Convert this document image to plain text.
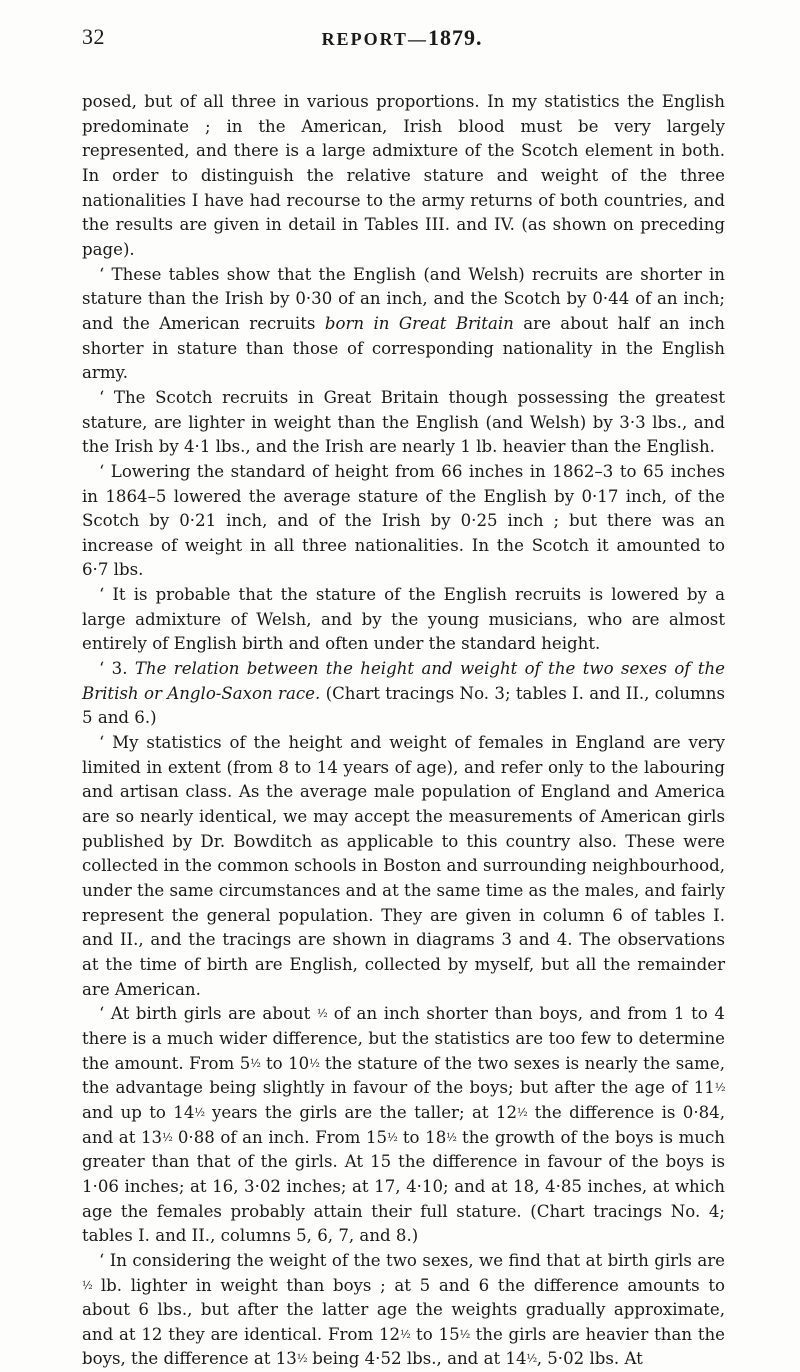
32	REPORT—1879.

posed, but of all three in various proportions. In my statistics the English predominate ; in the American, Irish blood must be very largely represented, and there is a large admixture of the Scotch element in both. In order to distinguish the relative stature and weight of the three nationalities I have had recourse to the army returns of both countries, and the results are given in detail in Tables III. and IV. (as shown on preceding page).

‘ These tables show that the English (and Welsh) recruits are shorter in stature than the Irish by 0·30 of an inch, and the Scotch by 0·44 of an inch; and the American recruits born in Great Britain are about half an inch shorter in stature than those of corresponding nationality in the English army.

‘ The Scotch recruits in Great Britain though possessing the greatest stature, are lighter in weight than the English (and Welsh) by 3·3 lbs., and the Irish by 4·1 lbs., and the Irish are nearly 1 lb. heavier than the English.

‘ Lowering the standard of height from 66 inches in 1862–3 to 65 inches in 1864–5 lowered the average stature of the English by 0·17 inch, of the Scotch by 0·21 inch, and of the Irish by 0·25 inch ; but there was an increase of weight in all three nationalities. In the Scotch it amounted to 6·7 lbs.

‘ It is probable that the stature of the English recruits is lowered by a large admixture of Welsh, and by the young musicians, who are almost entirely of English birth and often under the standard height.

‘ 3. The relation between the height and weight of the two sexes of the British or Anglo-Saxon race. (Chart tracings No. 3; tables I. and II., columns 5 and 6.)

‘ My statistics of the height and weight of females in England are very limited in extent (from 8 to 14 years of age), and refer only to the labouring and artisan class. As the average male population of England and America are so nearly identical, we may accept the measurements of American girls published by Dr. Bowditch as applicable to this country also. These were collected in the common schools in Boston and surrounding neighbourhood, under the same circumstances and at the same time as the males, and fairly represent the general population. They are given in column 6 of tables I. and II., and the tracings are shown in diagrams 3 and 4. The observations at the time of birth are English, collected by myself, but all the remainder are American.

‘ At birth girls are about ½ of an inch shorter than boys, and from 1 to 4 there is a much wider difference, but the statistics are too few to determine the amount. From 5½ to 10½ the stature of the two sexes is nearly the same, the advantage being slightly in favour of the boys; but after the age of 11½ and up to 14½ years the girls are the taller; at 12½ the difference is 0·84, and at 13½ 0·88 of an inch. From 15½ to 18½ the growth of the boys is much greater than that of the girls. At 15 the difference in favour of the boys is 1·06 inches; at 16, 3·02 inches; at 17, 4·10; and at 18, 4·85 inches, at which age the females probably attain their full stature. (Chart tracings No. 4; tables I. and II., columns 5, 6, 7, and 8.)

‘ In considering the weight of the two sexes, we find that at birth girls are ½ lb. lighter in weight than boys ; at 5 and 6 the difference amounts to about 6 lbs., but after the latter age the weights gradually approximate, and at 12 they are identical. From 12½ to 15½ the girls are heavier than the boys, the difference at 13½ being 4·52 lbs., and at 14½, 5·02 lbs. At
